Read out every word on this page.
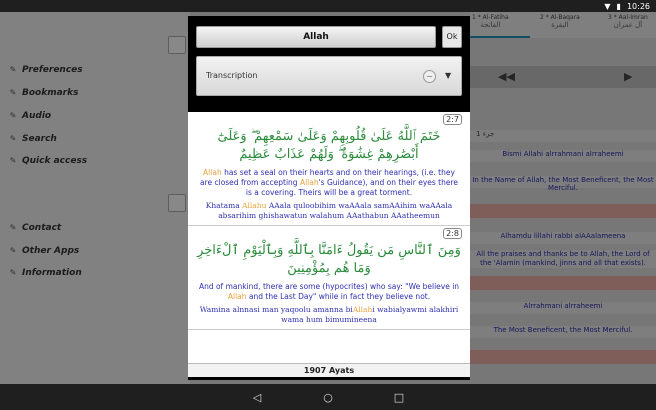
▼ ▮ 10:26
✎ Preferences
✎ Bookmarks
✎ Audio
✎ Search
✎ Quick access
✎ Contact
✎ Other Apps
✎ Information
1 * Al-Fatiha
الفاتحة
2 * Al-Baqara
البقرة
3 * Aal-Imran
آل عمران
◀◀	▶
جزء 1
Bismi Allahi alrrahmani alrraheemi
In the Name of Allah, the Most Beneficent, the Most Merciful.
Alhamdu lillahi rabbi alAAalameena
All the praises and thanks be to Allah, the Lord of the 'Alamin (mankind, jinns and all that exists).
Alrrahmani alrraheemi
The Most Beneficent, the Most Merciful.
Allah	Ok
Transcription	▼
2:7
خَتَمَ ٱللَّهُ عَلَىٰ قُلُوبِهِمْ وَعَلَىٰ سَمْعِهِمْ ۖ وَعَلَىٰٓ أَبْصَٰرِهِمْ غِشَٰوَةٌ ۖ وَلَهُمْ عَذَابٌ عَظِيمٌ
Allah has set a seal on their hearts and on their hearings, (i.e. they are closed from accepting Allah's Guidance), and on their eyes there is a covering. Theirs will be a great torment.
Khatama Allahu AAala quloobihim waAAala samAAihim waAAala absarihim ghishawatun walahum AAathabun AAatheemun
2:8
وَمِنَ ٱلنَّاسِ مَن يَقُولُ ءَامَنَّا بِٱللَّهِ وَبِٱلْيَوْمِ ٱلْءَاخِرِ وَمَا هُم بِمُؤْمِنِينَ
And of mankind, there are some (hypocrites) who say: "We believe in Allah and the Last Day" while in fact they believe not.
Wamina alnnasi man yaqoolu amanna biAllahi wabialyawmi alakhiri wama hum bimumineena
1907 Ayats
◁	○	□
